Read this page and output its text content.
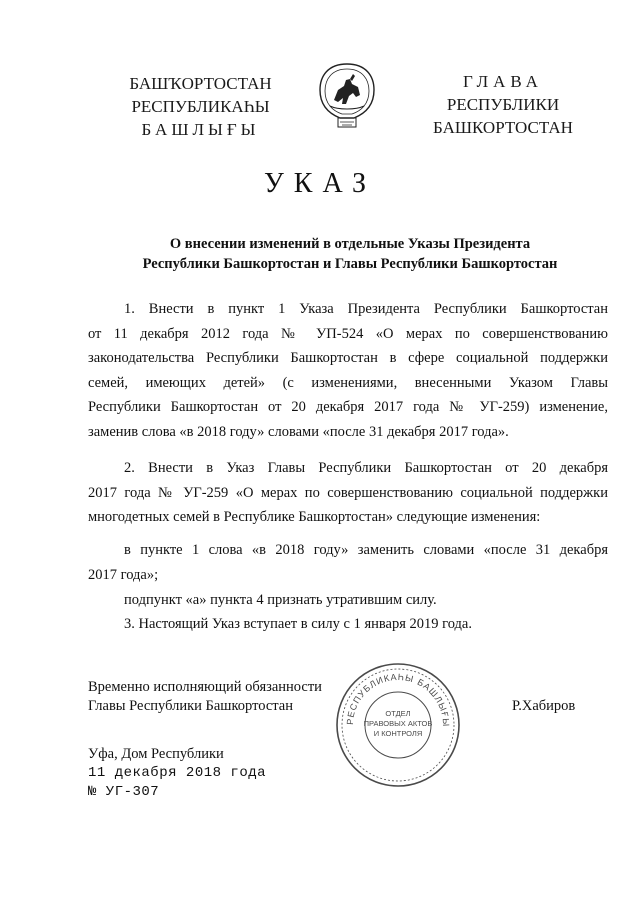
БАШҠОРТОСТАН
РЕСПУБЛИКАҺЫ
БАШЛЫҒЫ
ГЛАВА
РЕСПУБЛИКИ
БАШКОРТОСТАН
УКАЗ
О внесении изменений в отдельные Указы Президента
Республики Башкортостан и Главы Республики Башкортостан
1. Внести в пункт 1 Указа Президента Республики Башкортостан
от 11 декабря 2012 года № УП-524 «О мерах по совершенствованию
законодательства Республики Башкортостан в сфере социальной поддержки
семей, имеющих детей» (с изменениями, внесенными Указом Главы
Республики Башкортостан от 20 декабря 2017 года № УГ-259) изменение,
заменив слова «в 2018 году» словами «после 31 декабря 2017 года».
2. Внести в Указ Главы Республики Башкортостан от 20 декабря
2017 года № УГ-259 «О мерах по совершенствованию социальной поддержки
многодетных семей в Республике Башкортостан» следующие изменения:
в пункте 1 слова «в 2018 году» заменить словами «после 31 декабря
2017 года»;
подпункт «а» пункта 4 признать утратившим силу.
3. Настоящий Указ вступает в силу с 1 января 2019 года.
Временно исполняющий обязанности
Главы Республики Башкортостан
РЕСПУБЛИКАҺЫ БАШЛЫҒЫ
ОТДЕЛ
ПРАВОВЫХ АКТОВ
И КОНТРОЛЯ
Р.Хабиров
Уфа, Дом Республики
11 декабря 2018 года
№ УГ-307
